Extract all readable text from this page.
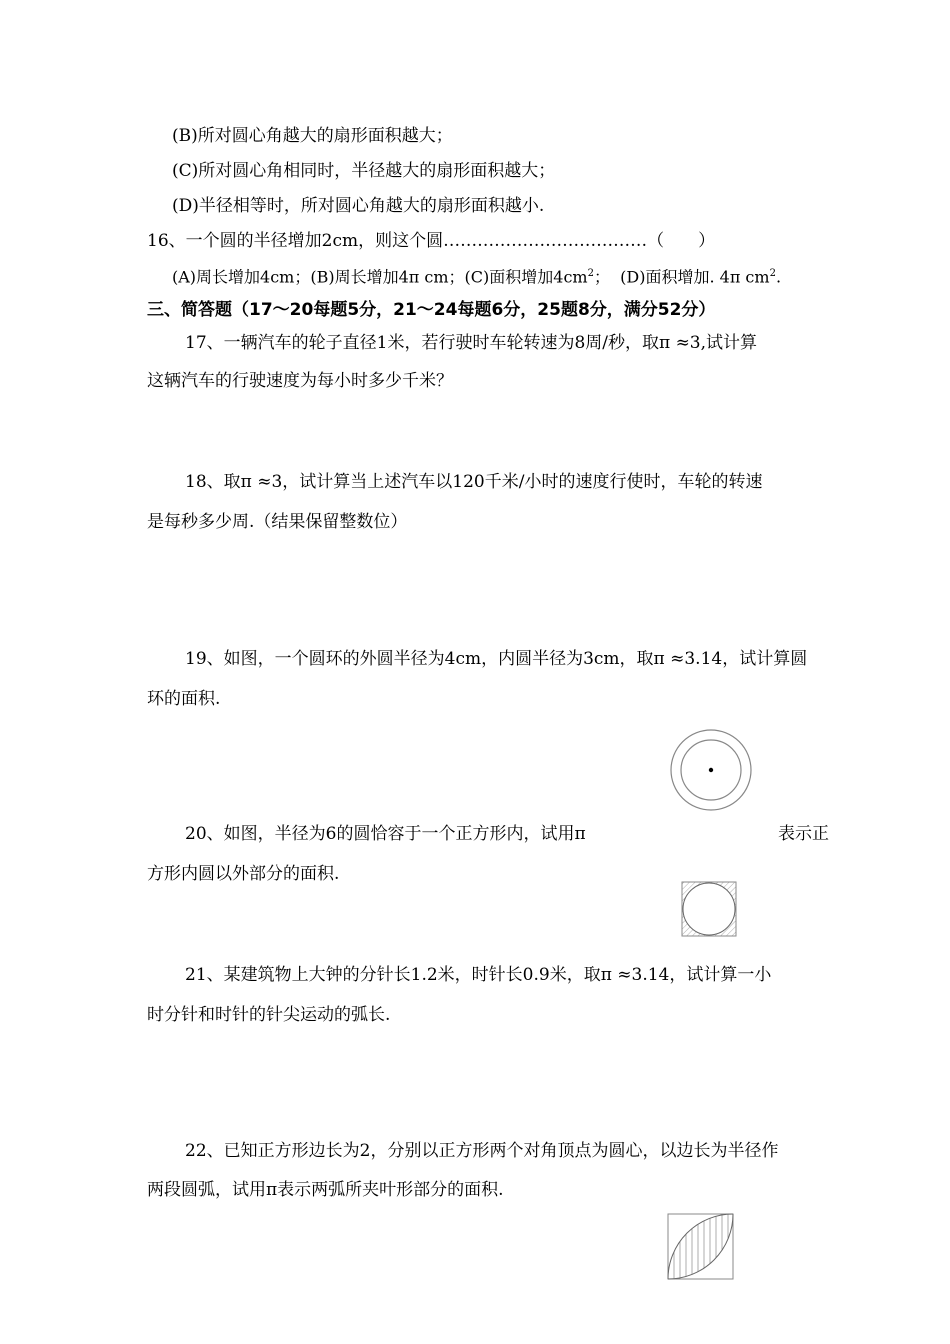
(B)所对圆心角越大的扇形面积越大；
(C)所对圆心角相同时，半径越大的扇形面积越大；
(D)半径相等时，所对圆心角越大的扇形面积越小.
16、一个圆的半径增加2cm，则这个圆………………………………（　　）
(A)周长增加4cm；(B)周长增加4π cm；(C)面积增加$4cm^2$； (D)面积增加. 4π $cm^2$.
三、简答题（17～20每题5分，21～24每题6分，25题8分，满分52分）
17、一辆汽车的轮子直径1米，若行驶时车轮转速为8周/秒，取π ≈3,试计算
这辆汽车的行驶速度为每小时多少千米？
18、取π ≈3，试计算当上述汽车以120千米/小时的速度行使时，车轮的转速
是每秒多少周.（结果保留整数位）
19、如图，一个圆环的外圆半径为4cm，内圆半径为3cm，取π ≈3.14，试计算圆
环的面积.
20、如图，半径为6的圆恰容于一个正方形内，试用π	表示正
方形内圆以外部分的面积.
21、某建筑物上大钟的分针长1.2米，时针长0.9米，取π ≈3.14，试计算一小
时分针和时针的针尖运动的弧长.
22、已知正方形边长为2，分别以正方形两个对角顶点为圆心，以边长为半径作
两段圆弧，试用π表示两弧所夹叶形部分的面积.
